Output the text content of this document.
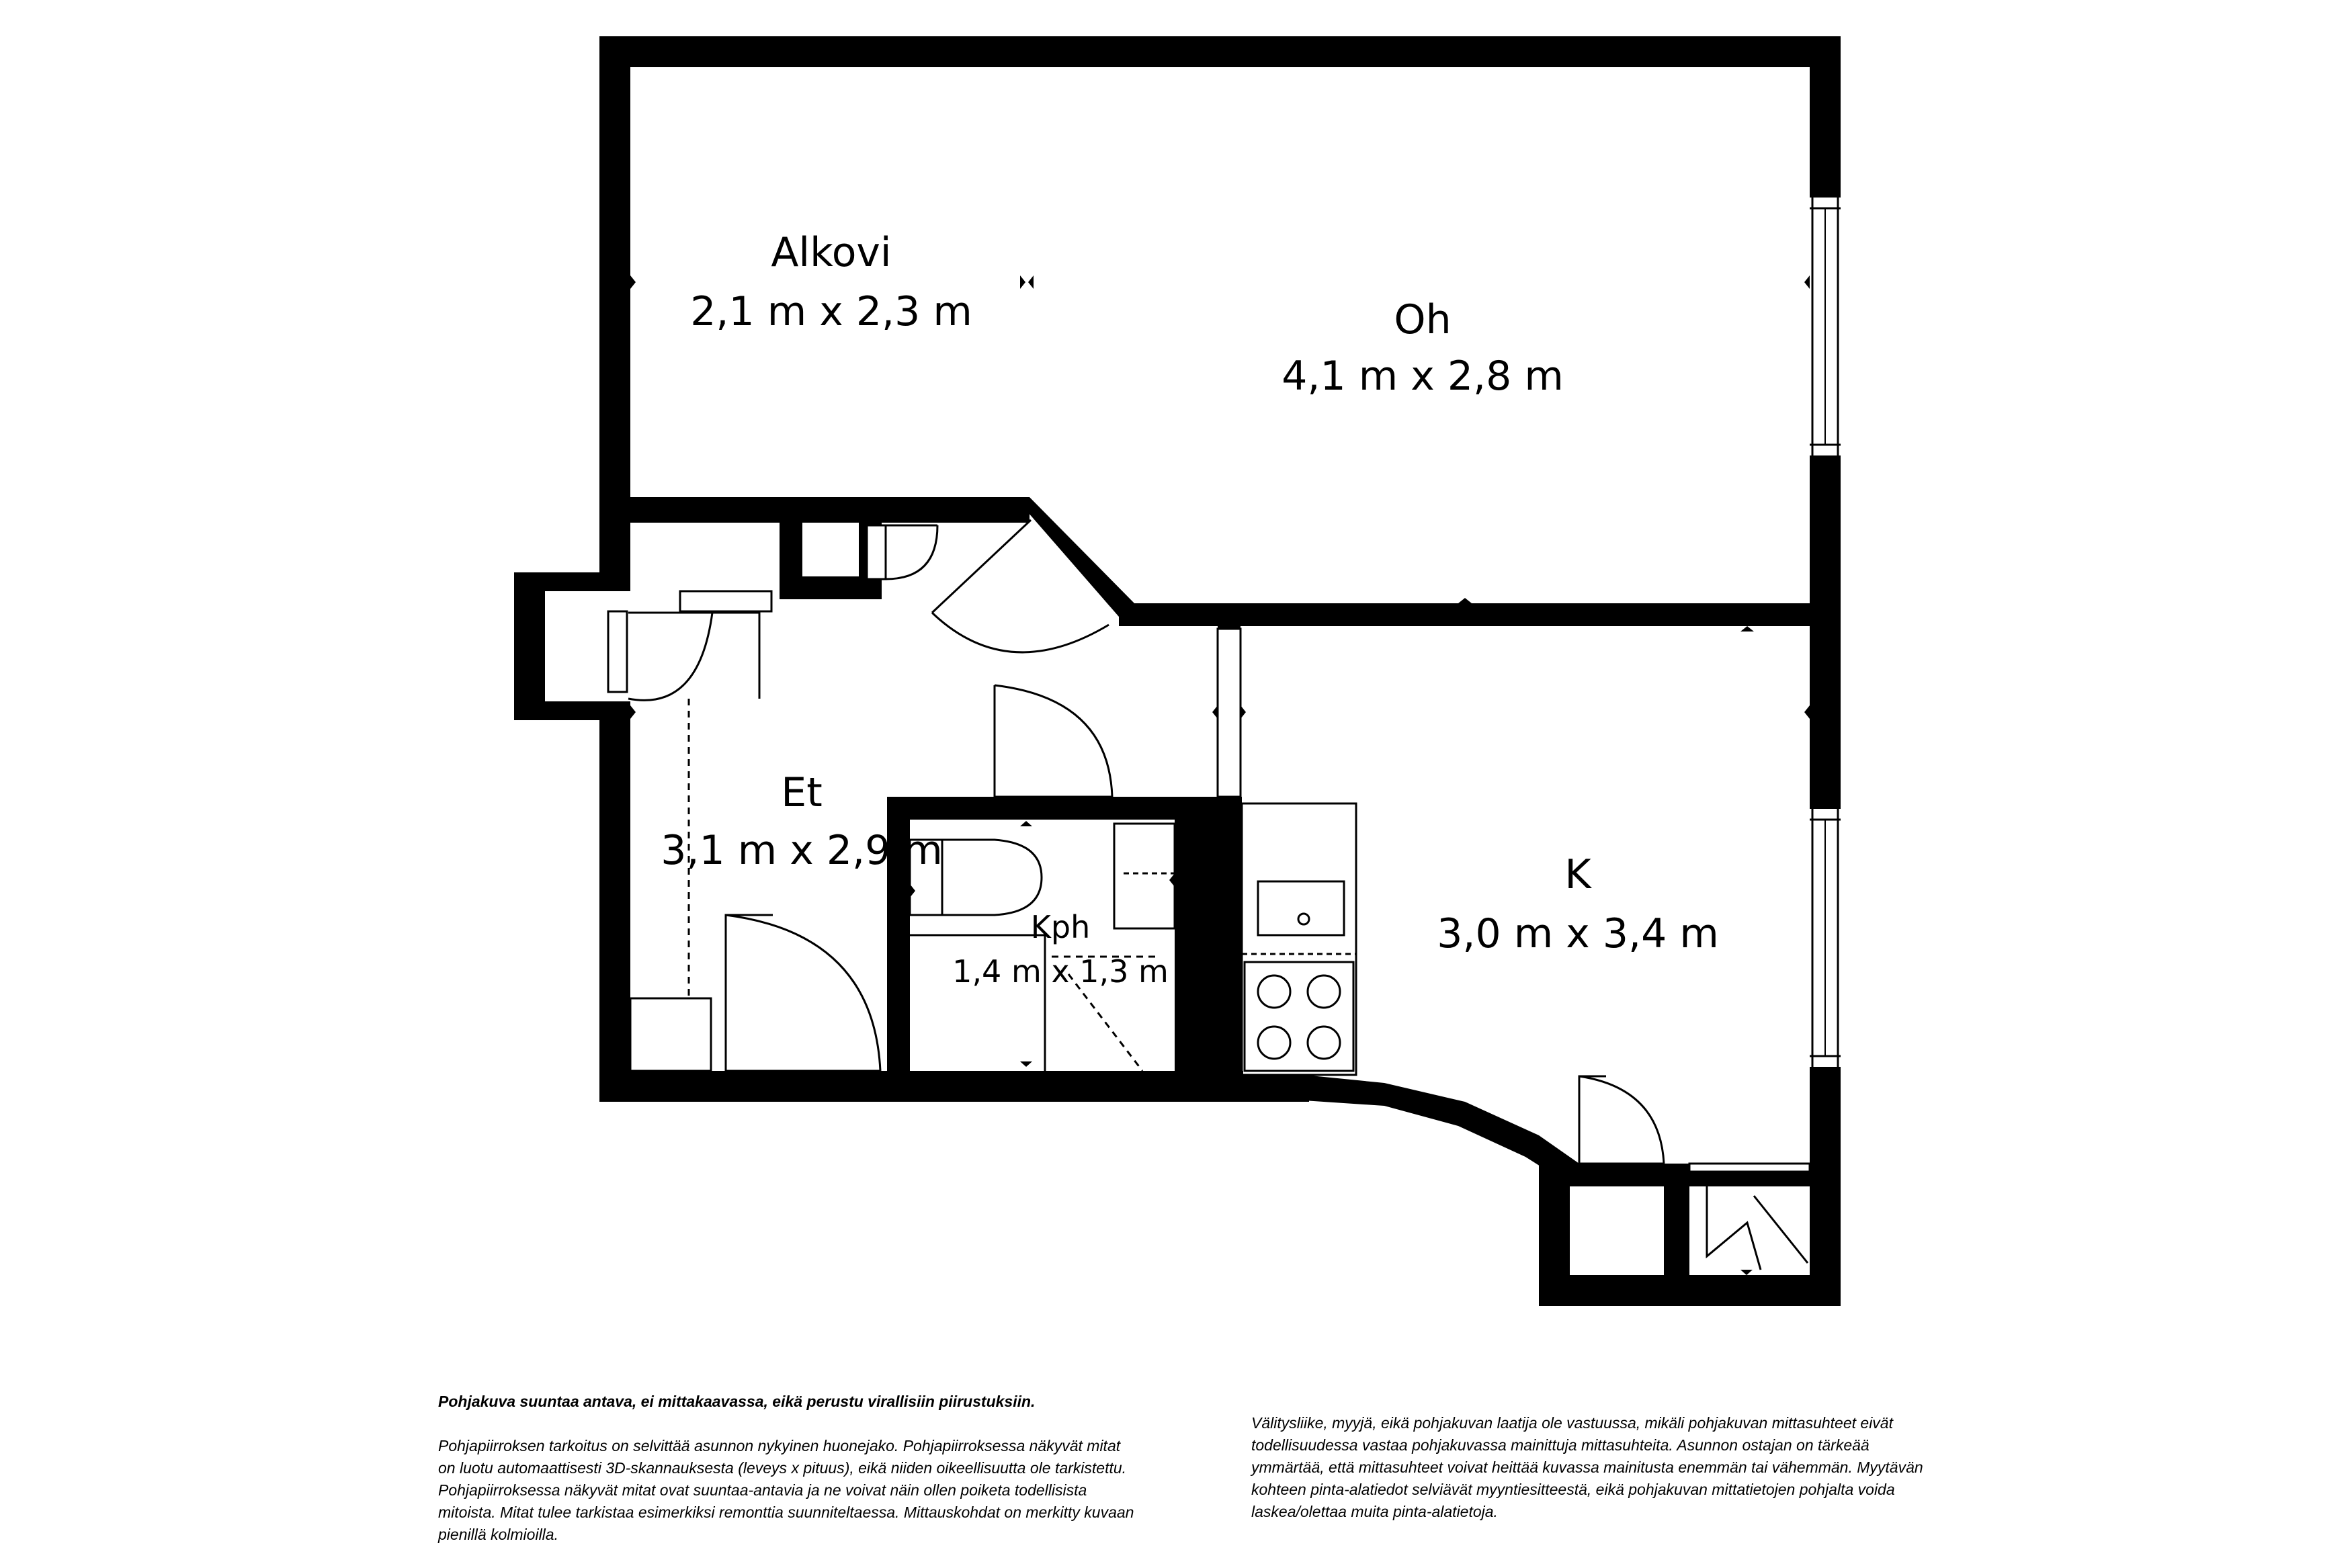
Alkovi
2,1 m x 2,3 m	Oh
4,1 m x 2,8 m
Et
3,1 m x 2,9 m
Kph
1,4 m x 1,3 m
K
3,0 m x 3,4 m

Pohjakuva suuntaa antava, ei mittakaavassa, eikä perustu virallisiin piirustuksiin.

Pohjapiirroksen tarkoitus on selvittää asunnon nykyinen huonejako. Pohjapiirroksessa näkyvät mitat on luotu automaattisesti 3D-skannauksesta (leveys x pituus), eikä niiden oikeellisuutta ole tarkistettu. Pohjapiirroksessa näkyvät mitat ovat suuntaa-antavia ja ne voivat näin ollen poiketa todellisista mitoista. Mitat tulee tarkistaa esimerkiksi remonttia suunniteltaessa. Mittauskohdat on merkitty kuvaan pienillä kolmioilla.

Välitysliike, myyjä, eikä pohjakuvan laatija ole vastuussa, mikäli pohjakuvan mittasuhteet eivät todellisuudessa vastaa pohjakuvassa mainittuja mittasuhteita. Asunnon ostajan on tärkeää ymmärtää, että mittasuhteet voivat heittää kuvassa mainitusta enemmän tai vähemmän. Myytävän kohteen pinta-alatiedot selviävät myyntiesitteestä, eikä pohjakuvan mittatietojen pohjalta voida laskea/olettaa muita pinta-alatietoja.
